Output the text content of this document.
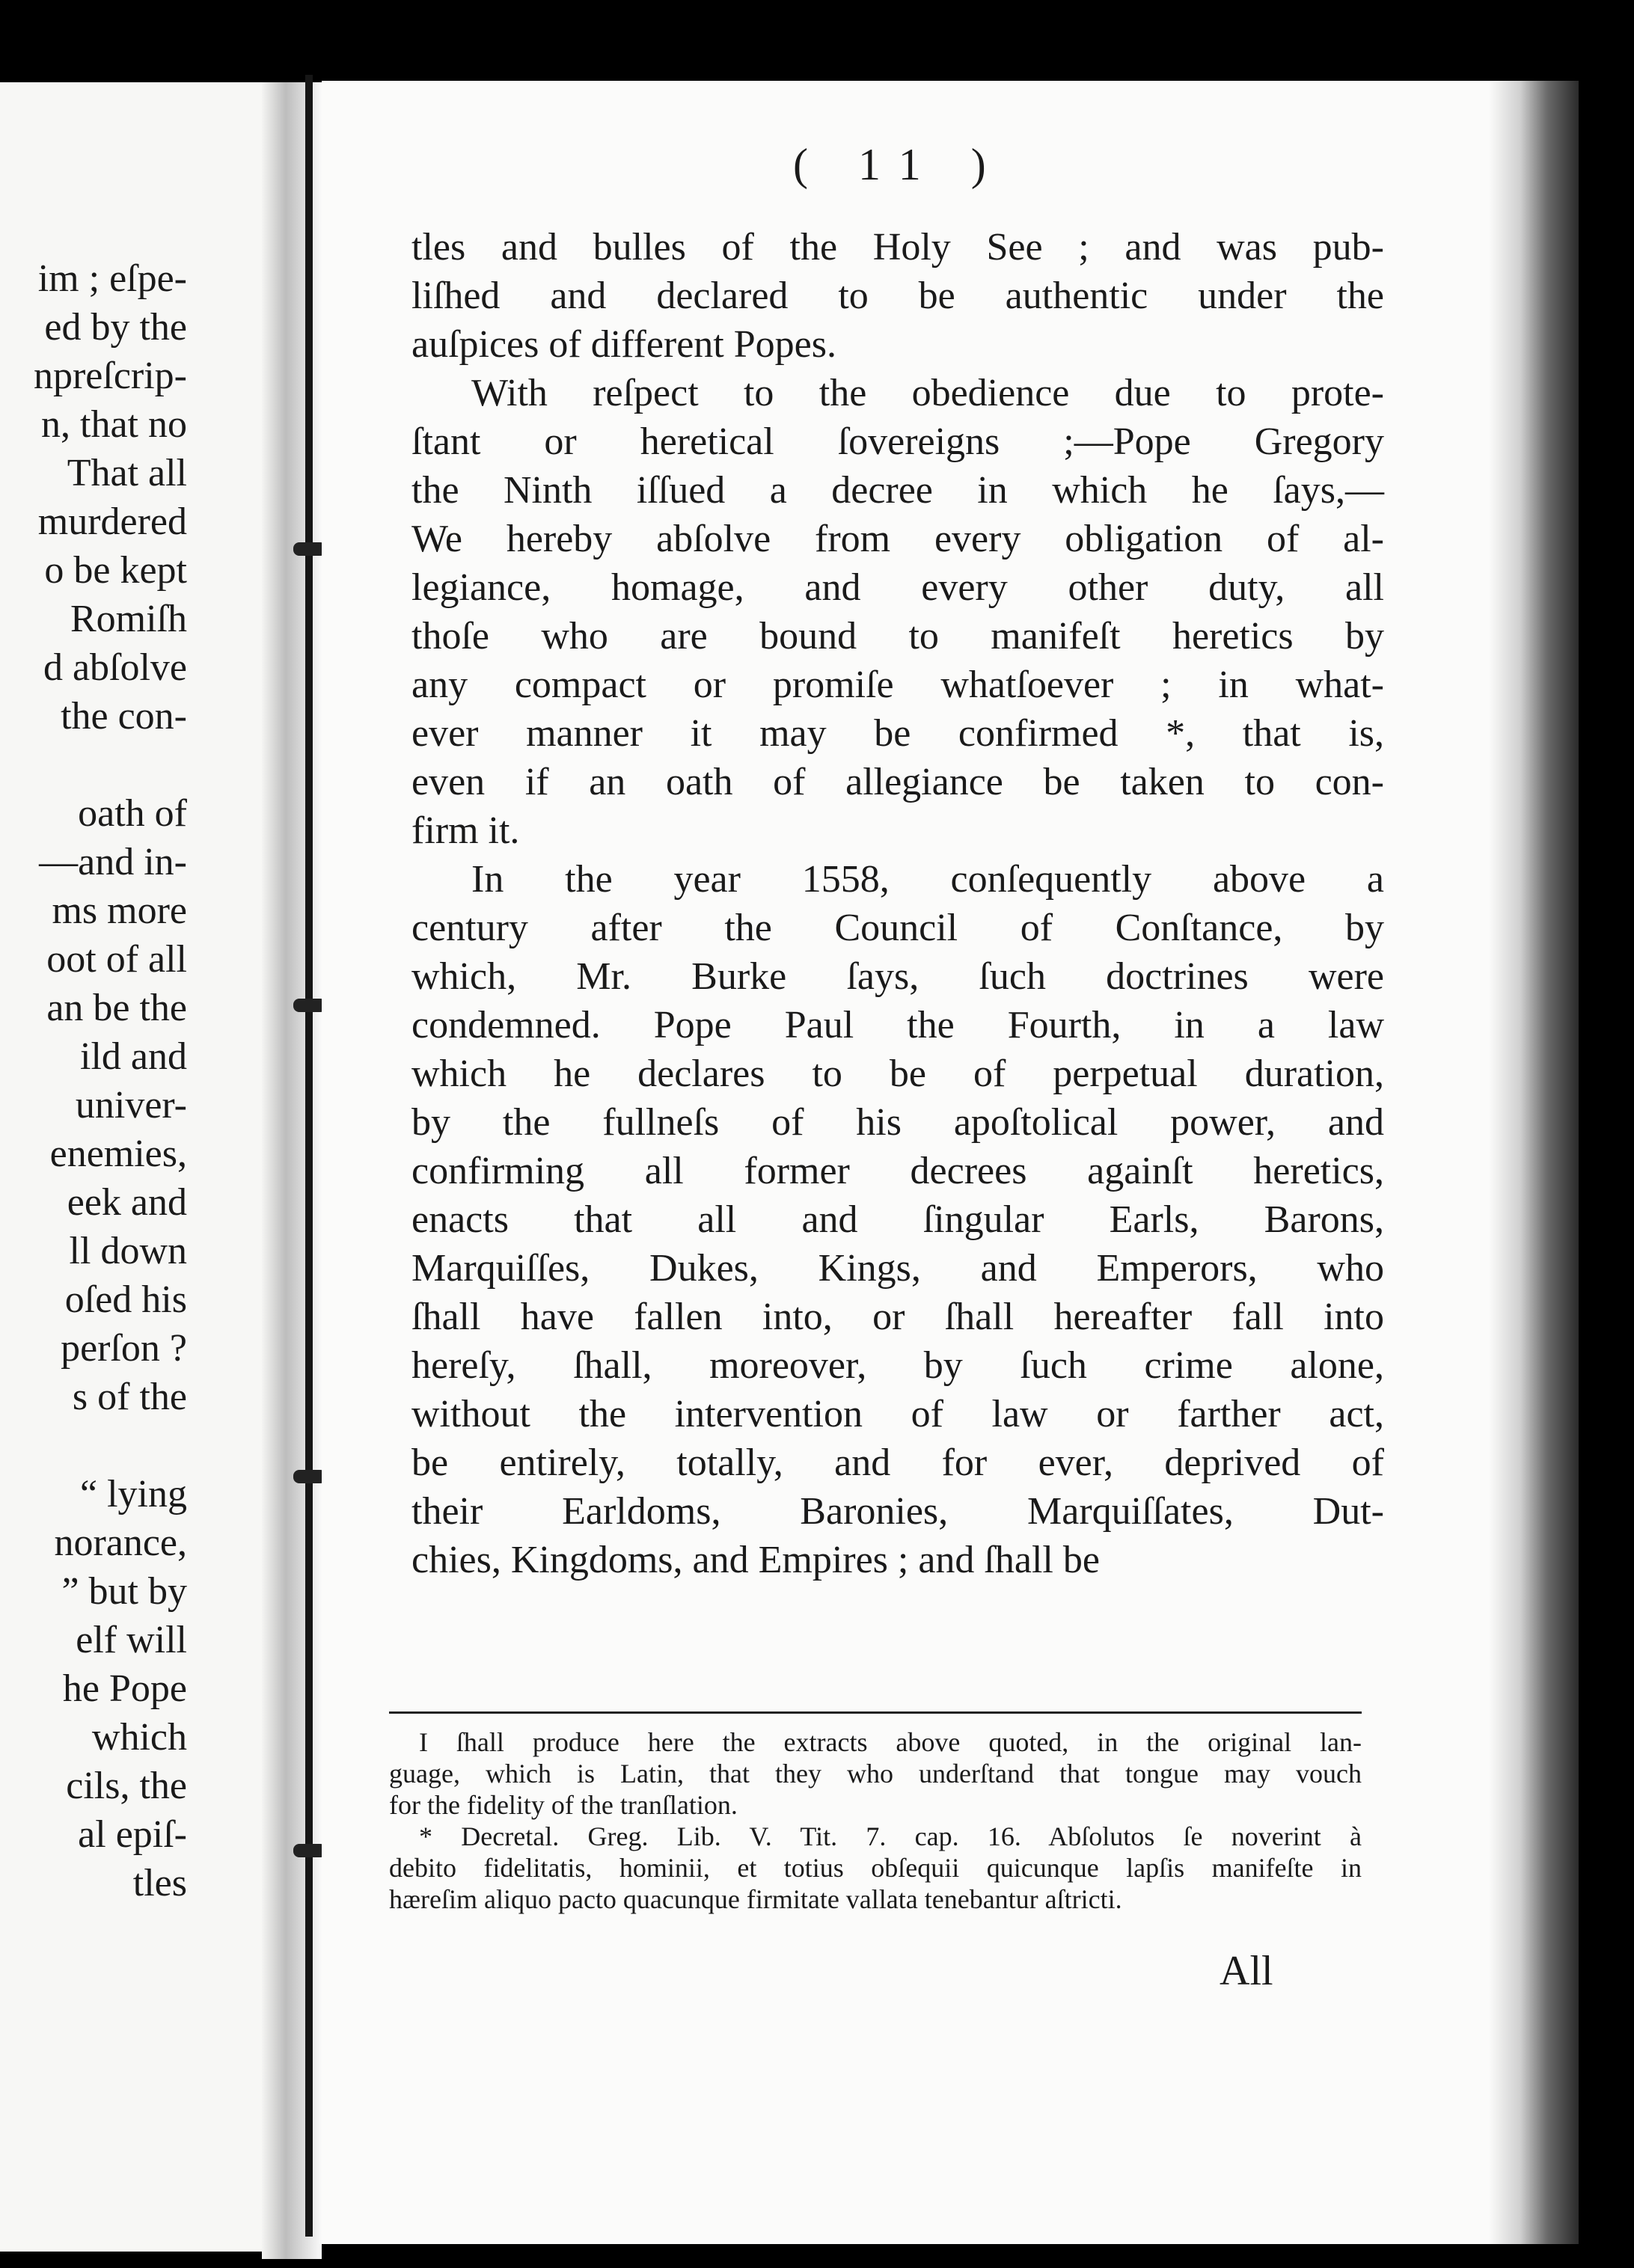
im ; eſpe-
ed by the
npreſcrip-
n, that no
That all
murdered
o be kept
Romiſh
d abſolve
the con-
oath of
—and in-
ms more
oot of all
an be the
ild and
univer-
enemies,
eek and
ll down
oſed his
perſon ?
s of the
“ lying
norance,
” but by
elf will
he Pope
which
cils, the
al epiſ-
tles
( 11 )
tles and bulles of the Holy See ; and was pub-
liſhed and declared to be authentic under the
auſpices of different Popes.
With reſpect to the obedience due to prote-
ſtant or heretical ſovereigns ;—Pope Gregory
the Ninth iſſued a decree in which he ſays,—
We hereby abſolve from every obligation of al-
legiance, homage, and every other duty, all
thoſe who are bound to manifeſt heretics by
any compact or promiſe whatſoever ; in what-
ever manner it may be confirmed *, that is,
even if an oath of allegiance be taken to con-
firm it.
In the year 1558, conſequently above a
century after the Council of Conſtance, by
which, Mr. Burke ſays, ſuch doctrines were
condemned. Pope Paul the Fourth, in a law
which he declares to be of perpetual duration,
by the fullneſs of his apoſtolical power, and
confirming all former decrees againſt heretics,
enacts that all and ſingular Earls, Barons,
Marquiſſes, Dukes, Kings, and Emperors, who
ſhall have fallen into, or ſhall hereafter fall into
hereſy, ſhall, moreover, by ſuch crime alone,
without the intervention of law or farther act,
be entirely, totally, and for ever, deprived of
their Earldoms, Baronies, Marquiſſates, Dut-
chies, Kingdoms, and Empires ; and ſhall be
I ſhall produce here the extracts above quoted, in the original lan-
guage, which is Latin, that they who underſtand that tongue may vouch
for the fidelity of the tranſlation.
* Decretal. Greg. Lib. V. Tit. 7. cap. 16. Abſolutos ſe noverint à
debito fidelitatis, hominii, et totius obſequii quicunque lapſis manifeſte in
hæreſim aliquo pacto quacunque firmitate vallata tenebantur aſtricti.
All
